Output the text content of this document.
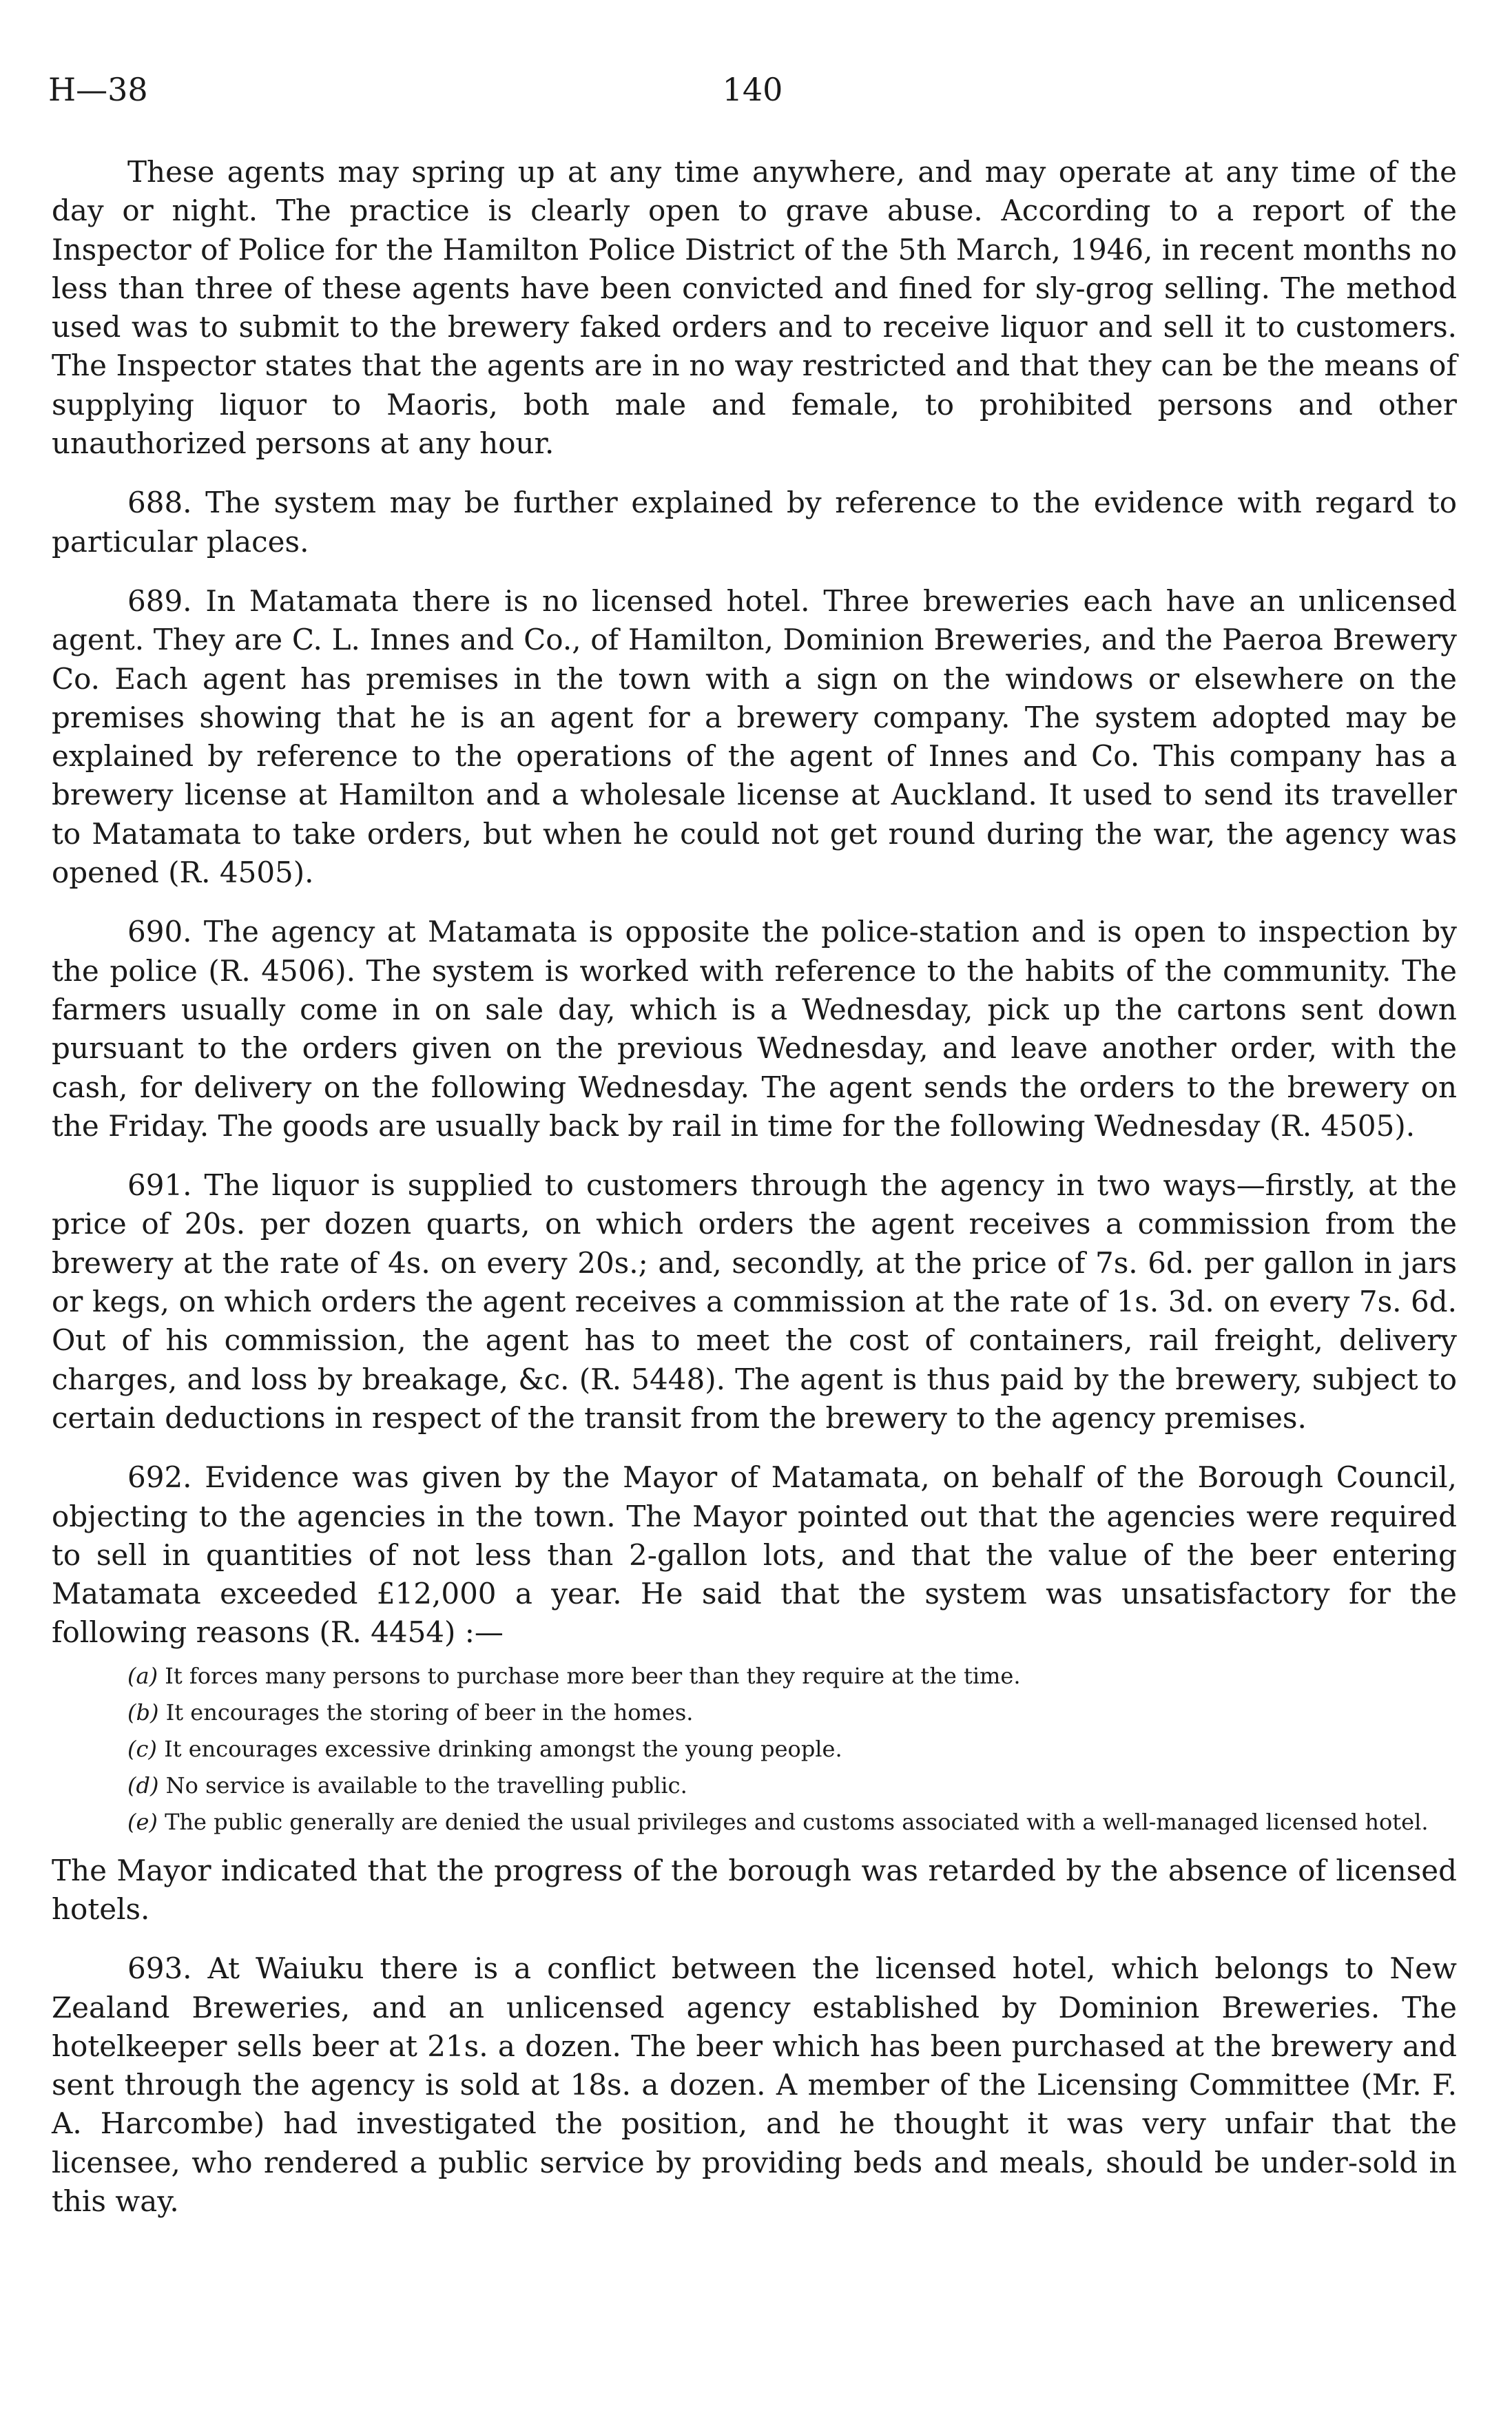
H—38	140

These agents may spring up at any time anywhere, and may operate at any time of the day or night. The practice is clearly open to grave abuse. According to a report of the Inspector of Police for the Hamilton Police District of the 5th March, 1946, in recent months no less than three of these agents have been convicted and fined for sly-grog selling. The method used was to submit to the brewery faked orders and to receive liquor and sell it to customers. The Inspector states that the agents are in no way restricted and that they can be the means of supplying liquor to Maoris, both male and female, to prohibited persons and other unauthorized persons at any hour.

688. The system may be further explained by reference to the evidence with regard to particular places.

689. In Matamata there is no licensed hotel. Three breweries each have an unlicensed agent. They are C. L. Innes and Co., of Hamilton, Dominion Breweries, and the Paeroa Brewery Co. Each agent has premises in the town with a sign on the windows or elsewhere on the premises showing that he is an agent for a brewery company. The system adopted may be explained by reference to the operations of the agent of Innes and Co. This company has a brewery license at Hamilton and a wholesale license at Auckland. It used to send its traveller to Matamata to take orders, but when he could not get round during the war, the agency was opened (R. 4505).

690. The agency at Matamata is opposite the police-station and is open to inspection by the police (R. 4506). The system is worked with reference to the habits of the community. The farmers usually come in on sale day, which is a Wednesday, pick up the cartons sent down pursuant to the orders given on the previous Wednesday, and leave another order, with the cash, for delivery on the following Wednesday. The agent sends the orders to the brewery on the Friday. The goods are usually back by rail in time for the following Wednesday (R. 4505).

691. The liquor is supplied to customers through the agency in two ways—firstly, at the price of 20s. per dozen quarts, on which orders the agent receives a commission from the brewery at the rate of 4s. on every 20s.; and, secondly, at the price of 7s. 6d. per gallon in jars or kegs, on which orders the agent receives a commission at the rate of 1s. 3d. on every 7s. 6d. Out of his commission, the agent has to meet the cost of containers, rail freight, delivery charges, and loss by breakage, &c. (R. 5448). The agent is thus paid by the brewery, subject to certain deductions in respect of the transit from the brewery to the agency premises.

692. Evidence was given by the Mayor of Matamata, on behalf of the Borough Council, objecting to the agencies in the town. The Mayor pointed out that the agencies were required to sell in quantities of not less than 2-gallon lots, and that the value of the beer entering Matamata exceeded £12,000 a year. He said that the system was unsatisfactory for the following reasons (R. 4454) :—

(a) It forces many persons to purchase more beer than they require at the time.

(b) It encourages the storing of beer in the homes.

(c) It encourages excessive drinking amongst the young people.

(d) No service is available to the travelling public.

(e) The public generally are denied the usual privileges and customs associated with a well-managed licensed hotel.

The Mayor indicated that the progress of the borough was retarded by the absence of licensed hotels.

693. At Waiuku there is a conflict between the licensed hotel, which belongs to New Zealand Breweries, and an unlicensed agency established by Dominion Breweries. The hotelkeeper sells beer at 21s. a dozen. The beer which has been purchased at the brewery and sent through the agency is sold at 18s. a dozen. A member of the Licensing Committee (Mr. F. A. Harcombe) had investigated the position, and he thought it was very unfair that the licensee, who rendered a public service by providing beds and meals, should be under-sold in this way.
